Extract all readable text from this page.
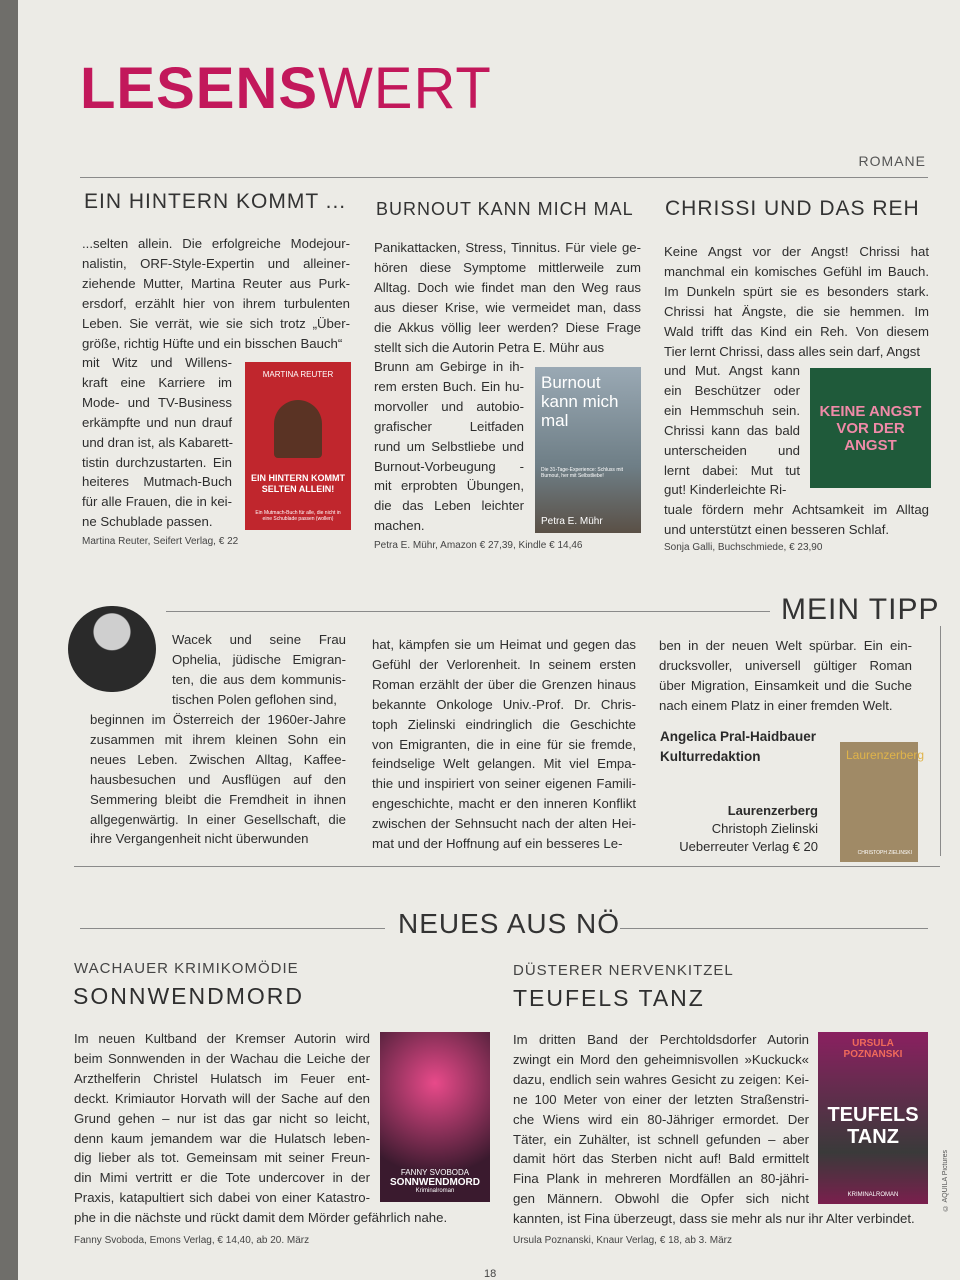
LESENSWERT
ROMANE
EIN HINTERN KOMMT ...
...selten allein. Die erfolgreiche Modejour-
nalistin, ORF-Style-Expertin und alleiner-
ziehende Mutter, Martina Reuter aus Purk-
ersdorf, erzählt hier von ihrem turbulenten
Leben. Sie verrät, wie sie sich trotz „Über-
größe, richtig Hüfte und ein bisschen Bauch“
mit Witz und Willens-
kraft eine Karriere im
Mode- und TV-Business
erkämpfte und nun drauf
und dran ist, als Kabarett-
tistin durchzustarten. Ein
heiteres Mutmach-Buch
für alle Frauen, die in kei-
ne Schublade passen.
MARTINA REUTER
EIN HINTERN KOMMT SELTEN ALLEIN!
Ein Mutmach-Buch für alle, die nicht in eine Schublade passen (wollen)
Martina Reuter, Seifert Verlag, € 22
BURNOUT KANN MICH MAL
Panikattacken, Stress, Tinnitus. Für viele ge-
hören diese Symptome mittlerweile zum
Alltag. Doch wie findet man den Weg raus
aus dieser Krise, wie vermeidet man, dass
die Akkus völlig leer werden? Diese Frage
stellt sich die Autorin Petra E. Mühr aus
Brunn am Gebirge in ih-
rem ersten Buch. Ein hu-
morvoller und autobio-
grafischer Leitfaden
rund um Selbstliebe und
Burnout-Vorbeugung -
mit erprobten Übungen,
die das Leben leichter
machen.
Burnout kann mich mal
Die 31-Tage-Experience: Schluss mit Burnout, her mit Selbstliebe!
Petra E. Mühr
Petra E. Mühr, Amazon € 27,39, Kindle € 14,46
CHRISSI UND DAS REH
Keine Angst vor der Angst! Chrissi hat
manchmal ein komisches Gefühl im Bauch.
Im Dunkeln spürt sie es besonders stark.
Chrissi hat Ängste, die sie hemmen. Im
Wald trifft das Kind ein Reh. Von diesem
Tier lernt Chrissi, dass alles sein darf, Angst
und Mut. Angst kann
ein Beschützer oder
ein Hemmschuh sein.
Chrissi kann das bald
unterscheiden und
lernt dabei: Mut tut
gut! Kinderleichte Ri-
tuale fördern mehr Achtsamkeit im Alltag
und unterstützt einen besseren Schlaf.
KEINE ANGST VOR DER ANGST
Sonja Galli, Buchschmiede, € 23,90
MEIN TIPP
Wacek und seine Frau
Ophelia, jüdische Emigran-
ten, die aus dem kommunis-
tischen Polen geflohen sind,
beginnen im Österreich der 1960er-Jahre
zusammen mit ihrem kleinen Sohn ein
neues Leben. Zwischen Alltag, Kaffee-
hausbesuchen und Ausflügen auf den
Semmering bleibt die Fremdheit in ihnen
allgegenwärtig. In einer Gesellschaft, die
ihre Vergangenheit nicht überwunden
hat, kämpfen sie um Heimat und gegen das
Gefühl der Verlorenheit. In seinem ersten
Roman erzählt der über die Grenzen hinaus
bekannte Onkologe Univ.-Prof. Dr. Chris-
toph Zielinski eindringlich die Geschichte
von Emigranten, die in eine für sie fremde,
feindselige Welt gelangen. Mit viel Empa-
thie und inspiriert von seiner eigenen Famili-
engeschichte, macht er den inneren Konflikt
zwischen der Sehnsucht nach der alten Hei-
mat und der Hoffnung auf ein besseres Le-
ben in der neuen Welt spürbar. Ein ein-
drucksvoller, universell gültiger Roman
über Migration, Einsamkeit und die Suche
nach einem Platz in einer fremden Welt.
Angelica Pral-Haidbauer
Kulturredaktion
Laurenzerberg
Christoph Zielinski
Ueberreuter Verlag € 20
Laurenzerberg
CHRISTOPH ZIELINSKI
NEUES AUS NÖ
WACHAUER KRIMIKOMÖDIE
SONNWENDMORD
Im neuen Kultband der Kremser Autorin wird
beim Sonnwenden in der Wachau die Leiche der
Arzthelferin Christel Hulatsch im Feuer ent-
deckt. Krimiautor Horvath will der Sache auf den
Grund gehen – nur ist das gar nicht so leicht,
denn kaum jemandem war die Hulatsch leben-
dig lieber als tot. Gemeinsam mit seiner Freun-
din Mimi vertritt er die Tote undercover in der
Praxis, katapultiert sich dabei von einer Katastro-
phe in die nächste und rückt damit dem Mörder gefährlich nahe.
FANNY SVOBODA
SONNWENDMORD
Kriminalroman
Fanny Svoboda, Emons Verlag, € 14,40, ab 20. März
DÜSTERER NERVENKITZEL
TEUFELS TANZ
Im dritten Band der Perchtoldsdorfer Autorin
zwingt ein Mord den geheimnisvollen »Kuckuck«
dazu, endlich sein wahres Gesicht zu zeigen: Kei-
ne 100 Meter von einer der letzten Straßenstri-
che Wiens wird ein 80-Jähriger ermordet. Der
Täter, ein Zuhälter, ist schnell gefunden – aber
damit hört das Sterben nicht auf! Bald ermittelt
Fina Plank in mehreren Mordfällen an 80-jähri-
gen Männern. Obwohl die Opfer sich nicht
kannten, ist Fina überzeugt, dass sie mehr als nur ihr Alter verbindet.
URSULA POZNANSKI
TEUFELS TANZ
KRIMINALROMAN
Ursula Poznanski, Knaur Verlag, € 18, ab 3. März
© AQUILA Pictures
18
